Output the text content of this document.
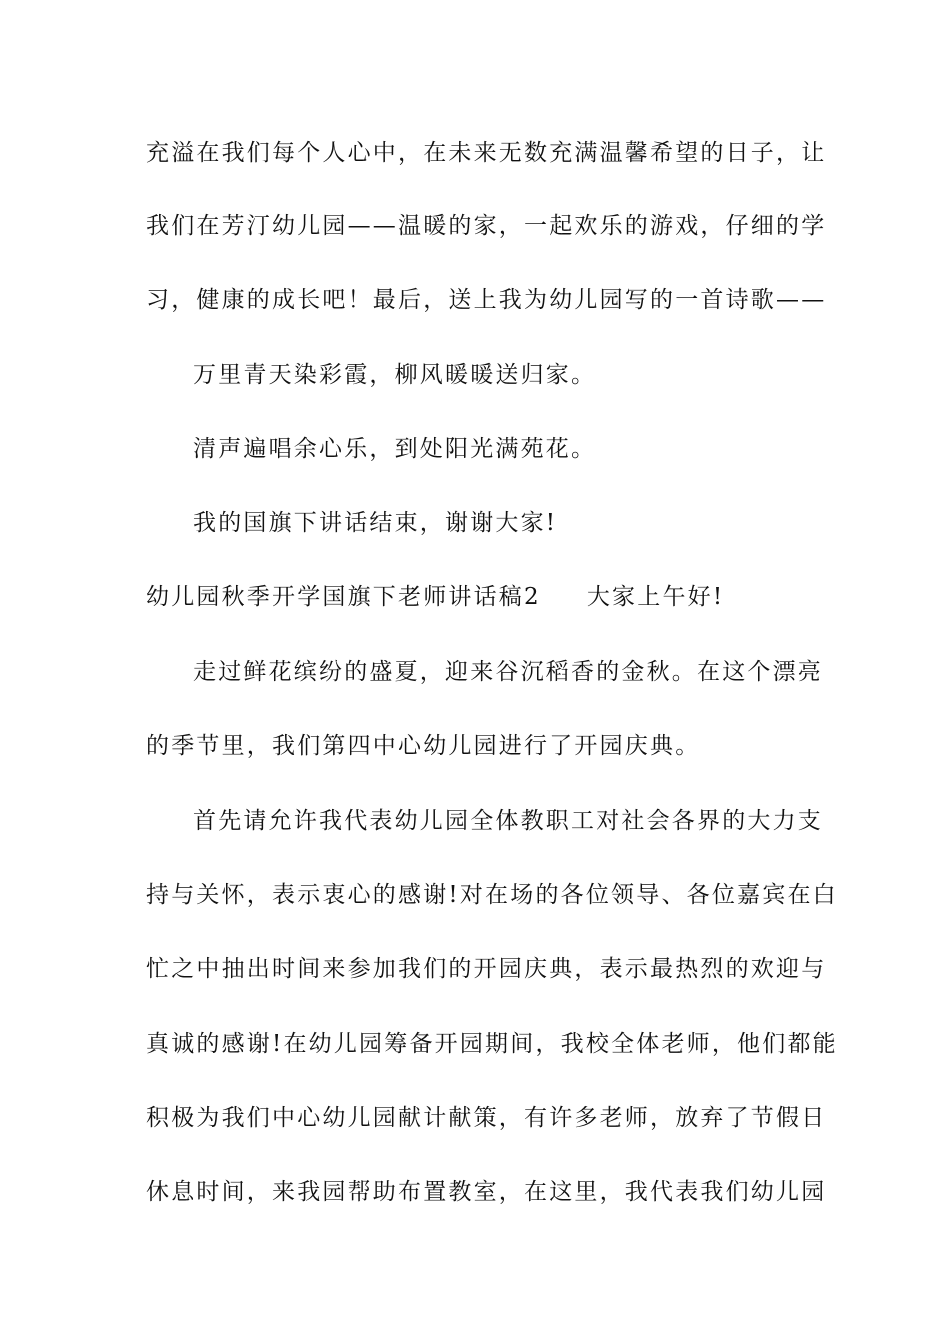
充溢在我们每个人心中，在未来无数充满温馨希望的日子，让
我们在芳汀幼儿园——温暖的家，一起欢乐的游戏，仔细的学
习，健康的成长吧！最后，送上我为幼儿园写的一首诗歌——
万里青天染彩霞，柳风暖暖送归家。
清声遍唱余心乐，到处阳光满苑花。
我的国旗下讲话结束，谢谢大家!
幼儿园秋季开学国旗下老师讲话稿2 大家上午好!
走过鲜花缤纷的盛夏，迎来谷沉稻香的金秋。在这个漂亮
的季节里，我们第四中心幼儿园进行了开园庆典。
首先请允许我代表幼儿园全体教职工对社会各界的大力支
持与关怀，表示衷心的感谢!对在场的各位领导、各位嘉宾在白
忙之中抽出时间来参加我们的开园庆典，表示最热烈的欢迎与
真诚的感谢!在幼儿园筹备开园期间，我校全体老师，他们都能
积极为我们中心幼儿园献计献策，有许多老师，放弃了节假日
休息时间，来我园帮助布置教室，在这里，我代表我们幼儿园
